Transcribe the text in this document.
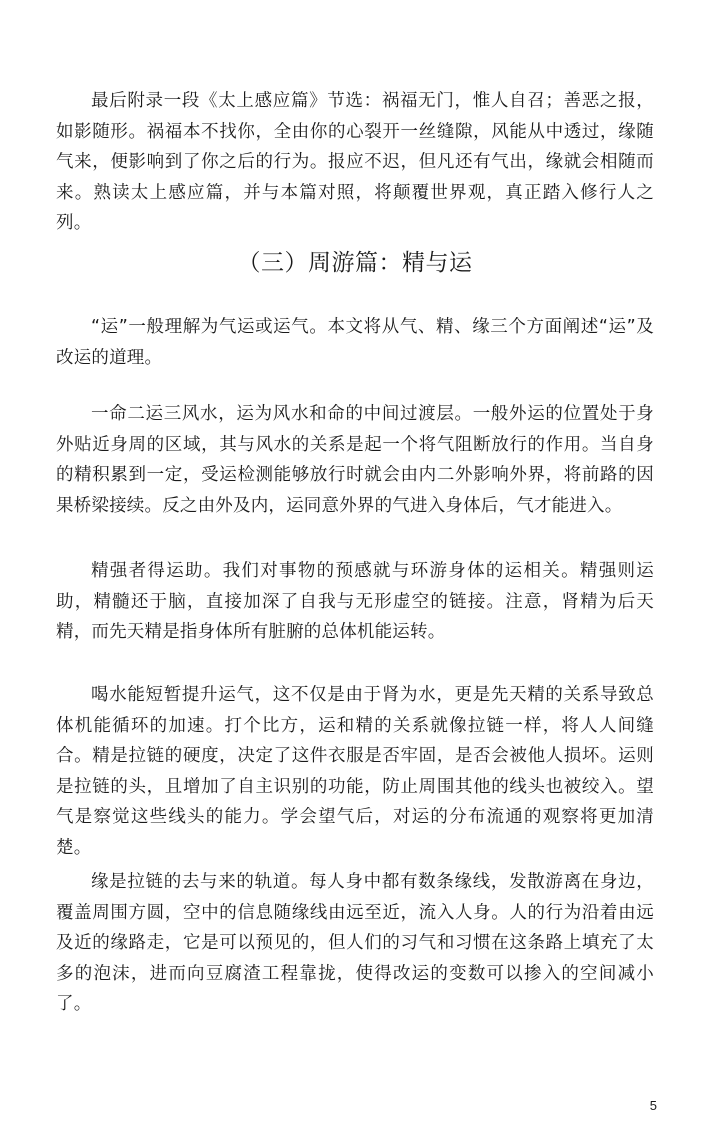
最后附录一段《太上感应篇》节选：祸福无门，惟人自召；善恶之报，如影随形。祸福本不找你，全由你的心裂开一丝缝隙，风能从中透过，缘随气来，便影响到了你之后的行为。报应不迟，但凡还有气出，缘就会相随而来。熟读太上感应篇，并与本篇对照，将颠覆世界观，真正踏入修行人之列。

（三）周游篇：精与运

“运”一般理解为气运或运气。本文将从气、精、缘三个方面阐述“运”及改运的道理。

一命二运三风水，运为风水和命的中间过渡层。一般外运的位置处于身外贴近身周的区域，其与风水的关系是起一个将气阻断放行的作用。当自身的精积累到一定，受运检测能够放行时就会由内二外影响外界，将前路的因果桥梁接续。反之由外及内，运同意外界的气进入身体后，气才能进入。

精强者得运助。我们对事物的预感就与环游身体的运相关。精强则运助，精髓还于脑，直接加深了自我与无形虚空的链接。注意，肾精为后天精，而先天精是指身体所有脏腑的总体机能运转。

喝水能短暂提升运气，这不仅是由于肾为水，更是先天精的关系导致总体机能循环的加速。打个比方，运和精的关系就像拉链一样，将人人间缝合。精是拉链的硬度，决定了这件衣服是否牢固，是否会被他人损坏。运则是拉链的头，且增加了自主识别的功能，防止周围其他的线头也被绞入。望气是察觉这些线头的能力。学会望气后，对运的分布流通的观察将更加清楚。

缘是拉链的去与来的轨道。每人身中都有数条缘线，发散游离在身边，覆盖周围方圆，空中的信息随缘线由远至近，流入人身。人的行为沿着由远及近的缘路走，它是可以预见的，但人们的习气和习惯在这条路上填充了太多的泡沫，进而向豆腐渣工程靠拢，使得改运的变数可以掺入的空间减小了。

5
